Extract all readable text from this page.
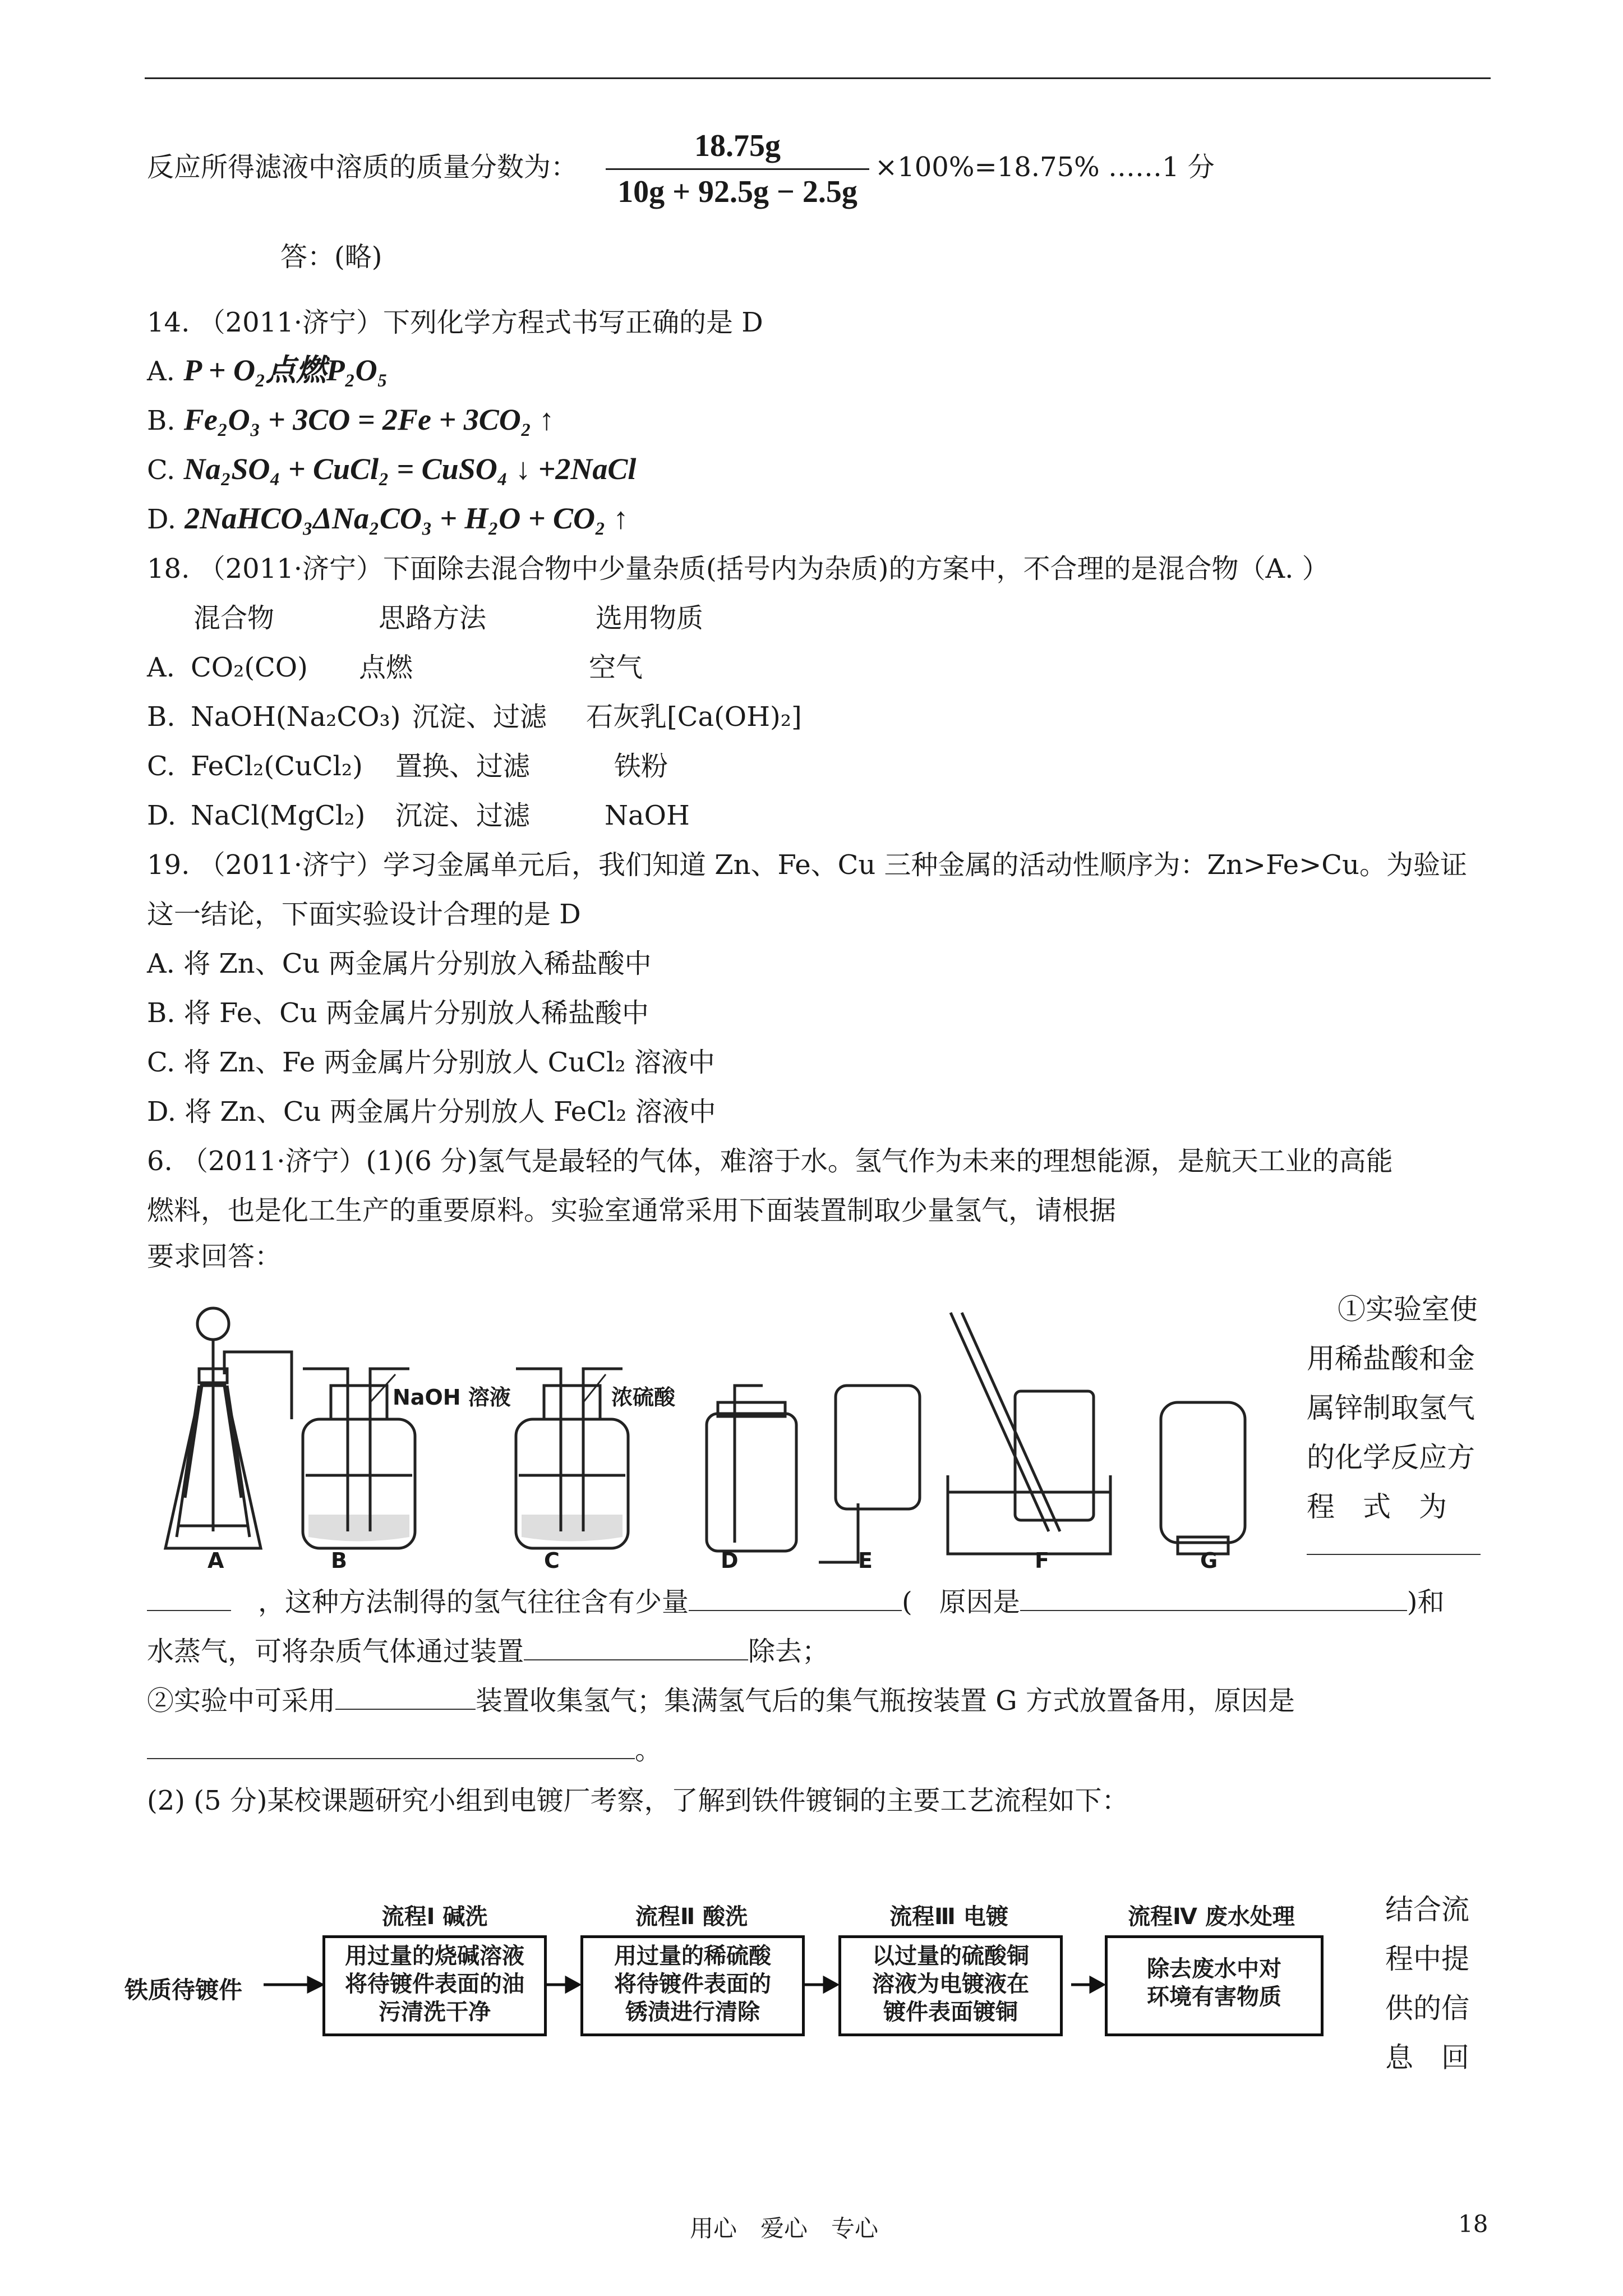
反应所得滤液中溶质的质量分数为：
18.75g
10g + 92.5g − 2.5g
×100%=18.75% ……1 分
答：(略)
14. （2011·济宁）下列化学方程式书写正确的是 D
A. P + O₂点燃P₂O₅
B. Fe₂O₃ + 3CO = 2Fe + 3CO₂ ↑
C. Na₂SO₄ + CuCl₂ = CuSO₄ ↓ +2NaCl
D. 2NaHCO₃ΔNa₂CO₃ + H₂O + CO₂ ↑
18. （2011·济宁）下面除去混合物中少量杂质(括号内为杂质)的方案中，不合理的是混合物（A. ）
混合物	思路方法	选用物质
A. CO₂(CO) 点燃	空气
B. NaOH(Na₂CO₃) 沉淀、过滤 石灰乳[Ca(OH)₂]
C. FeCl₂(CuCl₂) 置换、过滤	铁粉
D. NaCl(MgCl₂) 沉淀、过滤	NaOH
19. （2011·济宁）学习金属单元后，我们知道 Zn、Fe、Cu 三种金属的活动性顺序为：Zn>Fe>Cu。为验证
这一结论，下面实验设计合理的是 D
A. 将 Zn、Cu 两金属片分别放入稀盐酸中
B. 将 Fe、Cu 两金属片分别放人稀盐酸中
C. 将 Zn、Fe 两金属片分别放人 CuCl₂ 溶液中
D. 将 Zn、Cu 两金属片分别放人 FeCl₂ 溶液中
6. （2011·济宁）(1)(6 分)氢气是最轻的气体，难溶于水。氢气作为未来的理想能源，是航天工业的高能
燃料，也是化工生产的重要原料。实验室通常采用下面装置制取少量氢气，请根据
要求回答：
NaOH 溶液	浓硫酸
A	B	C	D	E	F	G
①实验室使
用稀盐酸和金
属锌制取氢气
的化学反应方
程　式　为
　，这种方法制得的氢气往往含有少量	(　原因是	)和
水蒸气，可将杂质气体通过装置	除去；
②实验中可采用	装置收集氢气；集满氢气后的集气瓶按装置 G 方式放置备用，原因是
。
(2) (5 分)某校课题研究小组到电镀厂考察，了解到铁件镀铜的主要工艺流程如下：
铁质待镀件
流程Ⅰ 碱洗
用过量的烧碱溶液
将待镀件表面的油
污清洗干净
流程Ⅱ 酸洗
用过量的稀硫酸
将待镀件表面的
锈渍进行清除
流程Ⅲ 电镀
以过量的硫酸铜
溶液为电镀液在
镀件表面镀铜
流程Ⅳ 废水处理
除去废水中对
环境有害物质
结合流
程中提
供的信
息　回
用心　爱心　专心	18
